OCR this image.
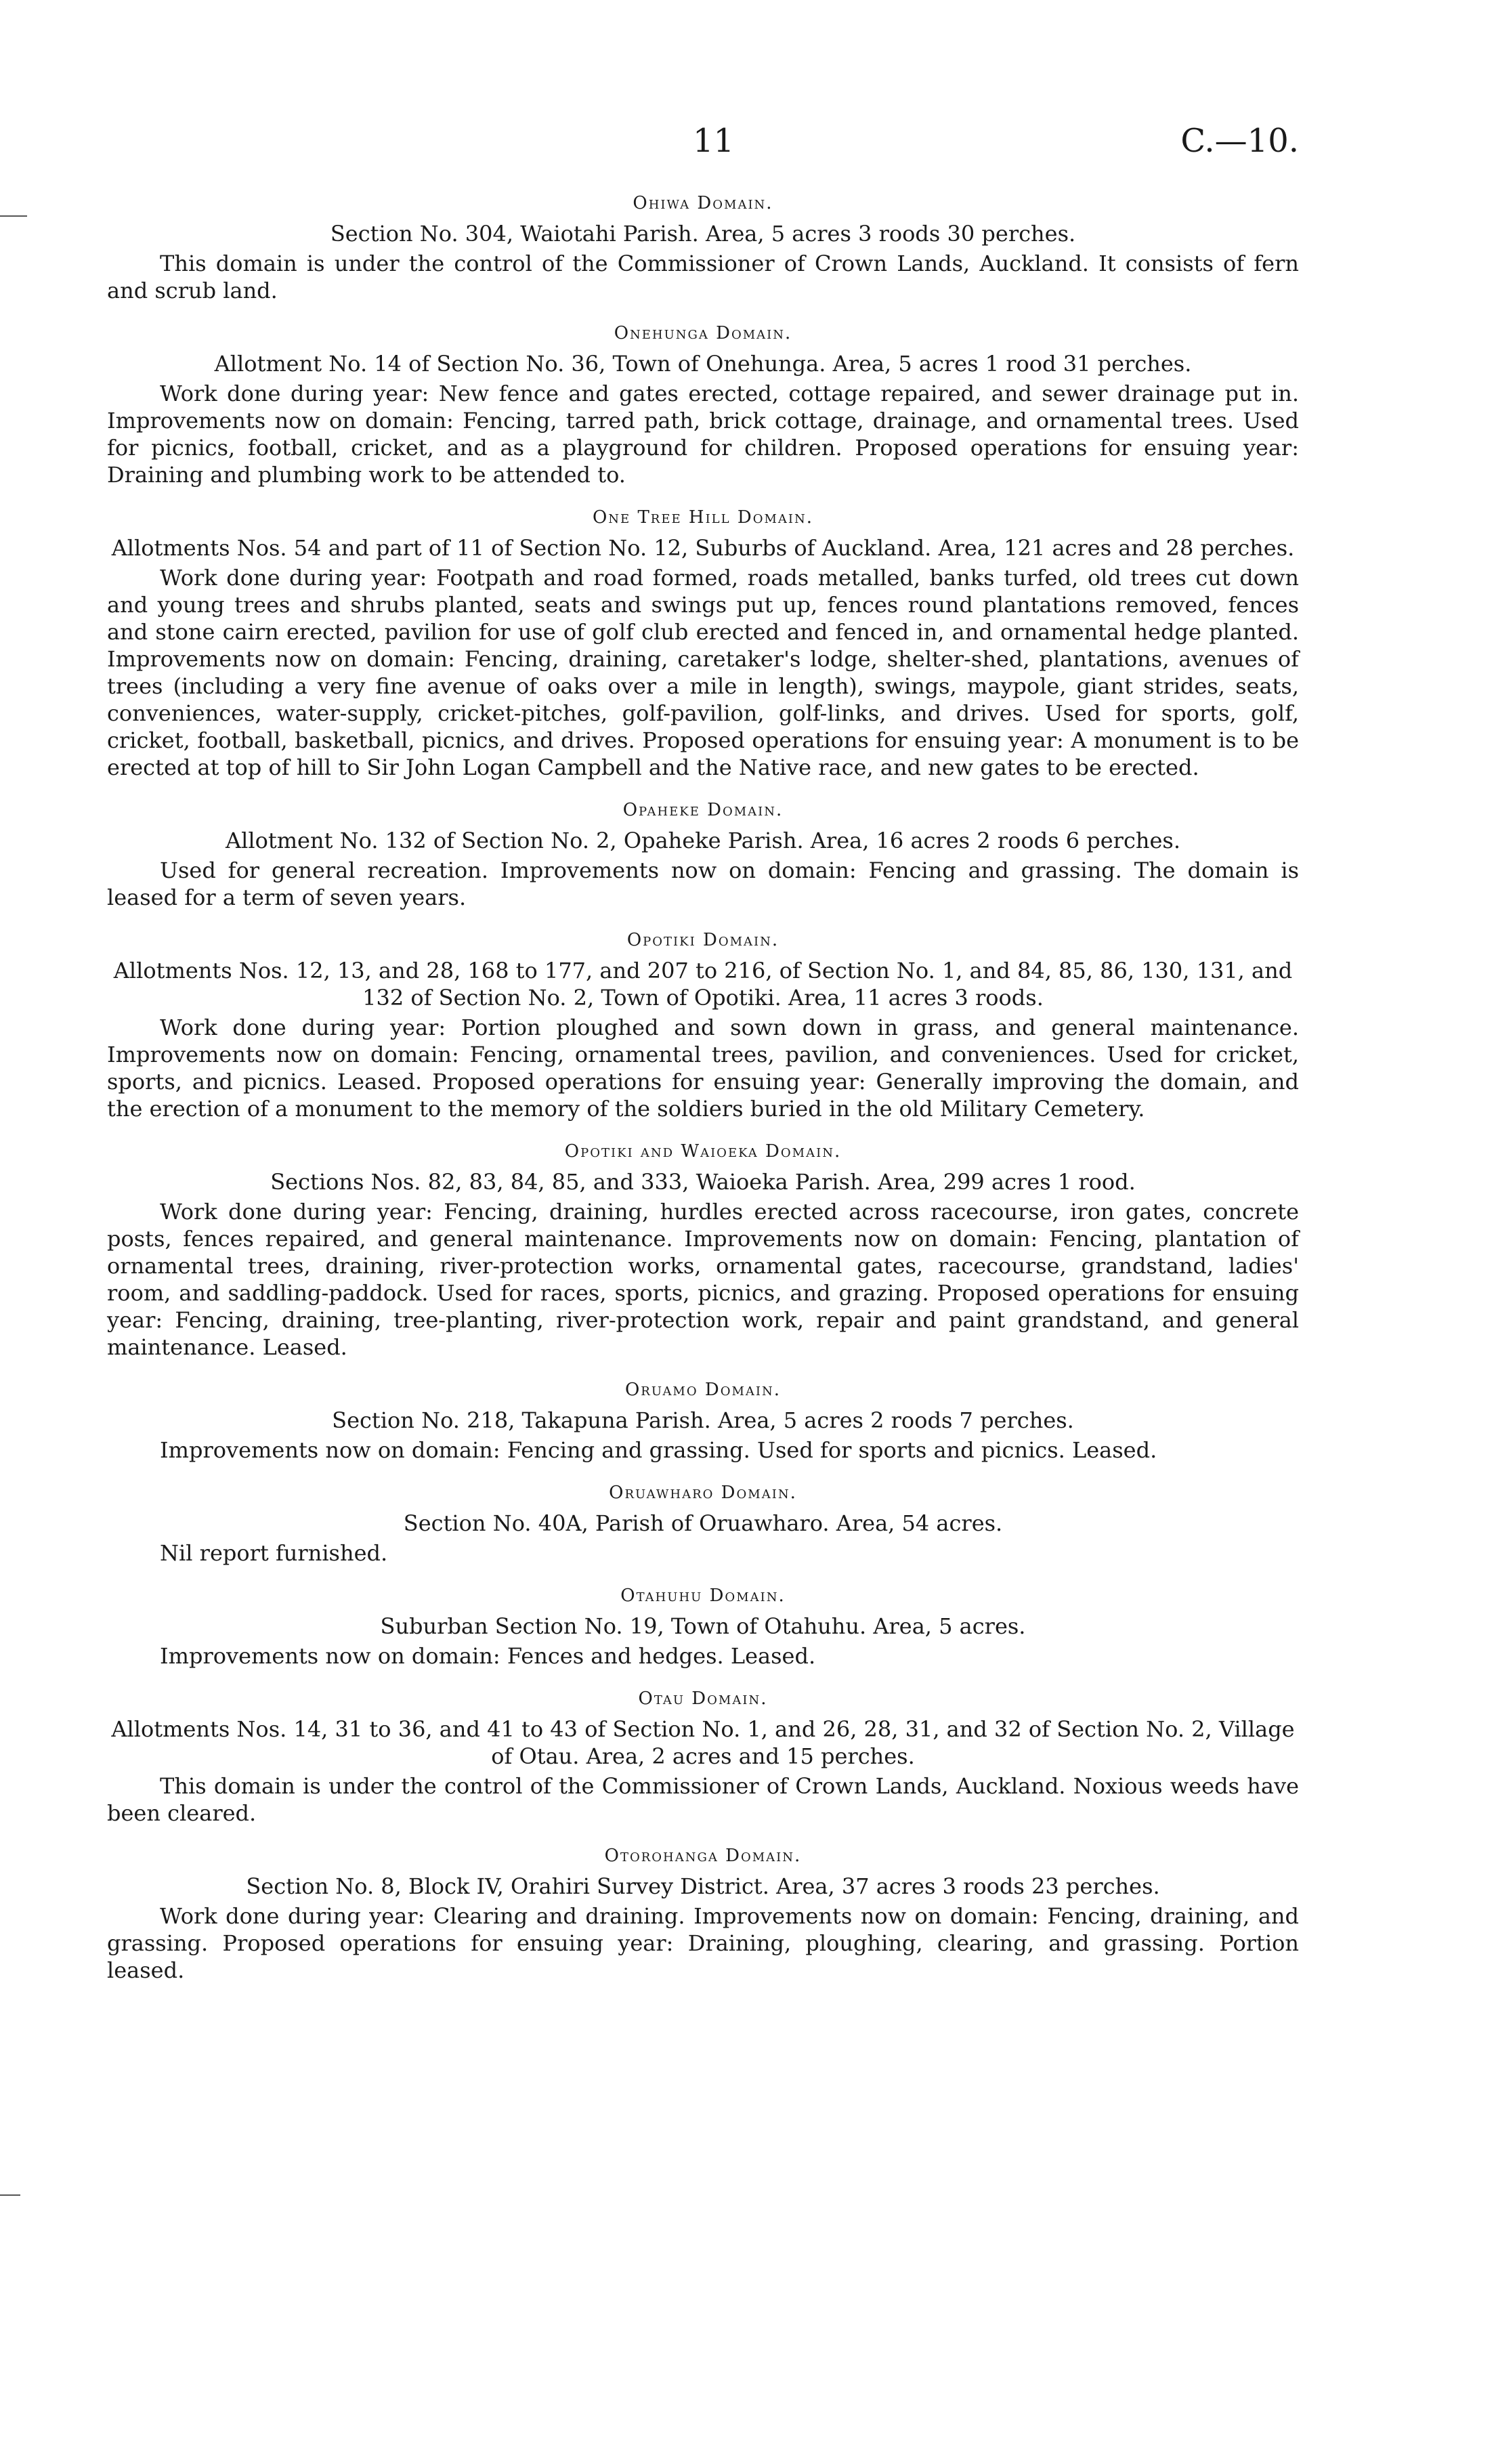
11	C.—10.
Ohiwa Domain.

Section No. 304, Waiotahi Parish. Area, 5 acres 3 roods 30 perches.

This domain is under the control of the Commissioner of Crown Lands, Auckland. It consists of fern and scrub land.

Onehunga Domain.

Allotment No. 14 of Section No. 36, Town of Onehunga. Area, 5 acres 1 rood 31 perches.

Work done during year: New fence and gates erected, cottage repaired, and sewer drainage put in. Improvements now on domain: Fencing, tarred path, brick cottage, drainage, and ornamental trees. Used for picnics, football, cricket, and as a playground for children. Proposed operations for ensuing year: Draining and plumbing work to be attended to.

One Tree Hill Domain.

Allotments Nos. 54 and part of 11 of Section No. 12, Suburbs of Auckland. Area, 121 acres and 28 perches.

Work done during year: Footpath and road formed, roads metalled, banks turfed, old trees cut down and young trees and shrubs planted, seats and swings put up, fences round plantations removed, fences and stone cairn erected, pavilion for use of golf club erected and fenced in, and ornamental hedge planted. Improvements now on domain: Fencing, draining, caretaker's lodge, shelter-shed, plantations, avenues of trees (including a very fine avenue of oaks over a mile in length), swings, maypole, giant strides, seats, conveniences, water-supply, cricket-pitches, golf-pavilion, golf-links, and drives. Used for sports, golf, cricket, football, basketball, picnics, and drives. Proposed operations for ensuing year: A monument is to be erected at top of hill to Sir John Logan Campbell and the Native race, and new gates to be erected.

Opaheke Domain.

Allotment No. 132 of Section No. 2, Opaheke Parish. Area, 16 acres 2 roods 6 perches.

Used for general recreation. Improvements now on domain: Fencing and grassing. The domain is leased for a term of seven years.

Opotiki Domain.

Allotments Nos. 12, 13, and 28, 168 to 177, and 207 to 216, of Section No. 1, and 84, 85, 86, 130, 131, and 132 of Section No. 2, Town of Opotiki. Area, 11 acres 3 roods.

Work done during year: Portion ploughed and sown down in grass, and general maintenance. Improvements now on domain: Fencing, ornamental trees, pavilion, and conveniences. Used for cricket, sports, and picnics. Leased. Proposed operations for ensuing year: Generally improving the domain, and the erection of a monument to the memory of the soldiers buried in the old Military Cemetery.

Opotiki and Waioeka Domain.

Sections Nos. 82, 83, 84, 85, and 333, Waioeka Parish. Area, 299 acres 1 rood.

Work done during year: Fencing, draining, hurdles erected across racecourse, iron gates, concrete posts, fences repaired, and general maintenance. Improvements now on domain: Fencing, plantation of ornamental trees, draining, river-protection works, ornamental gates, racecourse, grandstand, ladies' room, and saddling-paddock. Used for races, sports, picnics, and grazing. Proposed operations for ensuing year: Fencing, draining, tree-planting, river-protection work, repair and paint grandstand, and general maintenance. Leased.

Oruamo Domain.

Section No. 218, Takapuna Parish. Area, 5 acres 2 roods 7 perches.

Improvements now on domain: Fencing and grassing. Used for sports and picnics. Leased.

Oruawharo Domain.

Section No. 40A, Parish of Oruawharo. Area, 54 acres.

Nil report furnished.

Otahuhu Domain.

Suburban Section No. 19, Town of Otahuhu. Area, 5 acres.

Improvements now on domain: Fences and hedges. Leased.

Otau Domain.

Allotments Nos. 14, 31 to 36, and 41 to 43 of Section No. 1, and 26, 28, 31, and 32 of Section No. 2, Village of Otau. Area, 2 acres and 15 perches.

This domain is under the control of the Commissioner of Crown Lands, Auckland. Noxious weeds have been cleared.

Otorohanga Domain.

Section No. 8, Block IV, Orahiri Survey District. Area, 37 acres 3 roods 23 perches.

Work done during year: Clearing and draining. Improvements now on domain: Fencing, draining, and grassing. Proposed operations for ensuing year: Draining, ploughing, clearing, and grassing. Portion leased.
